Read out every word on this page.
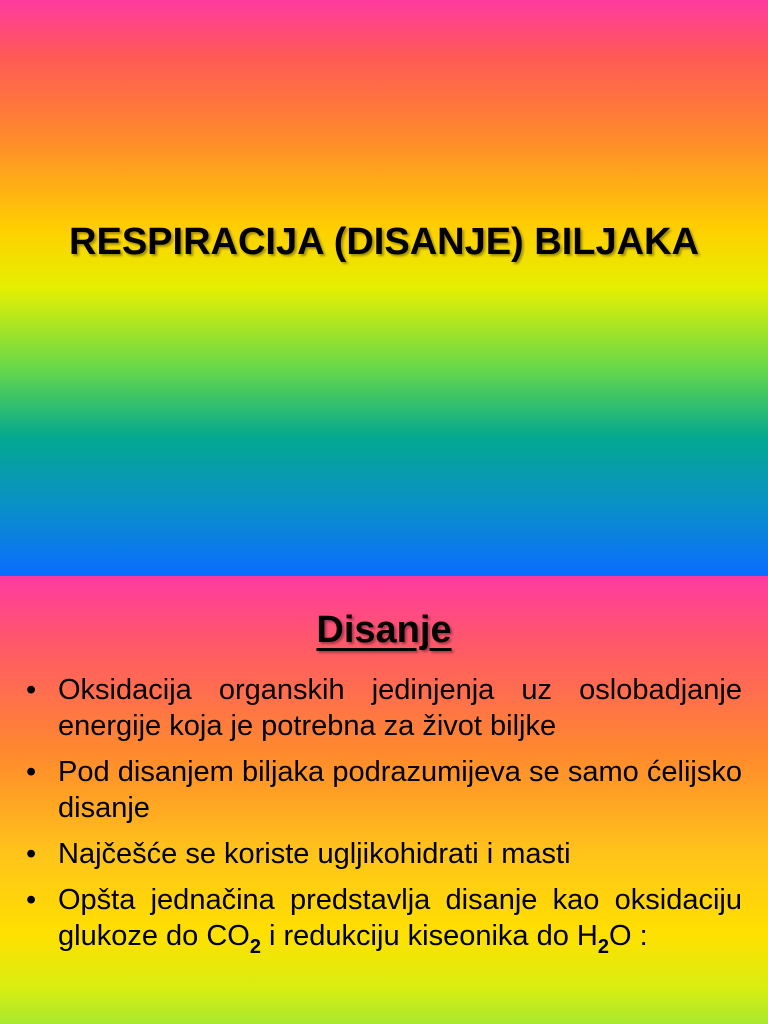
RESPIRACIJA (DISANJE) BILJAKA
Disanje
• Oksidacija organskih jedinjenja uz oslobadjanje energije koja je potrebna za život biljke
• Pod disanjem biljaka podrazumijeva se samo ćelijsko disanje
• Najčešće se koriste ugljikohidrati i masti
• Opšta jednačina predstavlja disanje kao oksidaciju glukoze do $CO_2$ i redukciju kiseonika do $H_2O$ :
